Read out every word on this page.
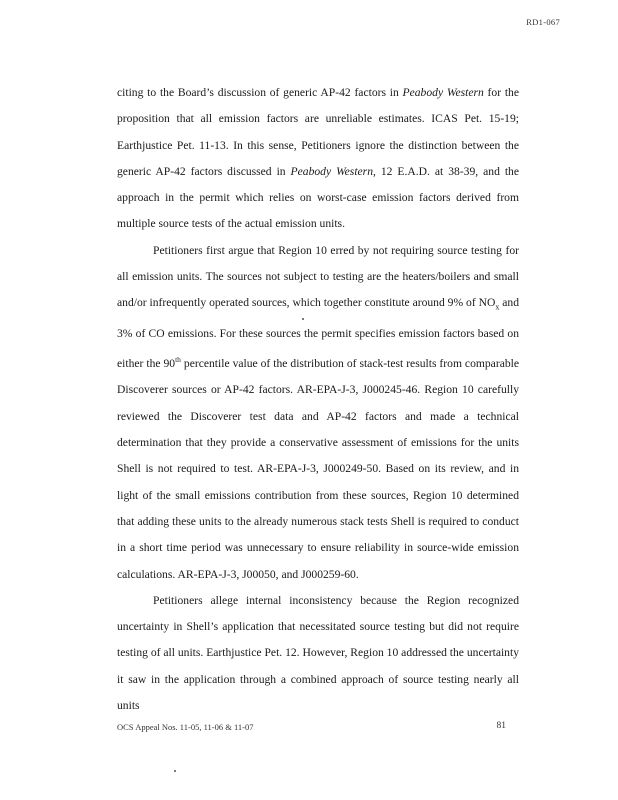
RD1-067

citing to the Board’s discussion of generic AP-42 factors in Peabody Western for the proposition that all emission factors are unreliable estimates. ICAS Pet. 15-19; Earthjustice Pet. 11-13. In this sense, Petitioners ignore the distinction between the generic AP-42 factors discussed in Peabody Western, 12 E.A.D. at 38-39, and the approach in the permit which relies on worst-case emission factors derived from multiple source tests of the actual emission units.

Petitioners first argue that Region 10 erred by not requiring source testing for all emission units. The sources not subject to testing are the heaters/boilers and small and/or infrequently operated sources, which together constitute around 9% of $NO_x$ and 3% of CO emissions. For these sources the permit specifies emission factors based on either the 90th percentile value of the distribution of stack-test results from comparable Discoverer sources or AP-42 factors. AR-EPA-J-3, J000245-46. Region 10 carefully reviewed the Discoverer test data and AP-42 factors and made a technical determination that they provide a conservative assessment of emissions for the units Shell is not required to test. AR-EPA-J-3, J000249-50. Based on its review, and in light of the small emissions contribution from these sources, Region 10 determined that adding these units to the already numerous stack tests Shell is required to conduct in a short time period was unnecessary to ensure reliability in source-wide emission calculations. AR-EPA-J-3, J00050, and J000259-60.

Petitioners allege internal inconsistency because the Region recognized uncertainty in Shell’s application that necessitated source testing but did not require testing of all units. Earthjustice Pet. 12. However, Region 10 addressed the uncertainty it saw in the application through a combined approach of source testing nearly all units

OCS Appeal Nos. 11-05, 11-06 & 11-07	81
